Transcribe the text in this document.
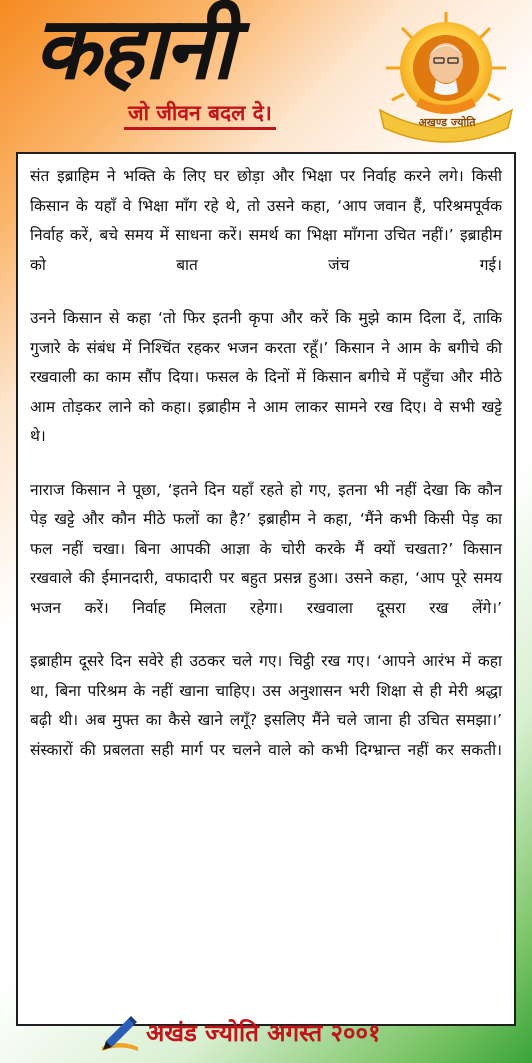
कहानी
जो जीवन बदल दे।	अखण्ड ज्योति

संत इब्राहिम ने भक्ति के लिए घर छोड़ा और भिक्षा पर निर्वाह करने लगे। किसी किसान के यहाँ वे भिक्षा माँग रहे थे, तो उसने कहा, ‘आप जवान हैं, परिश्रमपूर्वक निर्वाह करें, बचे समय में साधना करें। समर्थ का भिक्षा माँगना उचित नहीं।’ इब्राहीम को बात जंच गई।

उनने किसान से कहा ‘तो फिर इतनी कृपा और करें कि मुझे काम दिला दें, ताकि गुजारे के संबंध में निश्चिंत रहकर भजन करता रहूँ।’ किसान ने आम के बगीचे की रखवाली का काम सौंप दिया। फसल के दिनों में किसान बगीचे में पहुँचा और मीठे आम तोड़कर लाने को कहा। इब्राहीम ने आम लाकर सामने रख दिए। वे सभी खट्टे थे।

नाराज किसान ने पूछा, ‘इतने दिन यहाँ रहते हो गए, इतना भी नहीं देखा कि कौन पेड़ खट्टे और कौन मीठे फलों का है?’ इब्राहीम ने कहा, ‘मैंने कभी किसी पेड़ का फल नहीं चखा। बिना आपकी आज्ञा के चोरी करके मैं क्यों चखता?’ किसान रखवाले की ईमानदारी, वफादारी पर बहुत प्रसन्न हुआ। उसने कहा, ‘आप पूरे समय भजन करें। निर्वाह मिलता रहेगा। रखवाला दूसरा रख लेंगे।’

इब्राहीम दूसरे दिन सवेरे ही उठकर चले गए। चिट्ठी रख गए। ‘आपने आरंभ में कहा था, बिना परिश्रम के नहीं खाना चाहिए। उस अनुशासन भरी शिक्षा से ही मेरी श्रद्धा बढ़ी थी। अब मुफ्त का कैसे खाने लगूँ? इसलिए मैंने चले जाना ही उचित समझा।’ संस्कारों की प्रबलता सही मार्ग पर चलने वाले को कभी दिग्भ्रान्त नहीं कर सकती।

अखंड ज्योति अगस्त २००१
